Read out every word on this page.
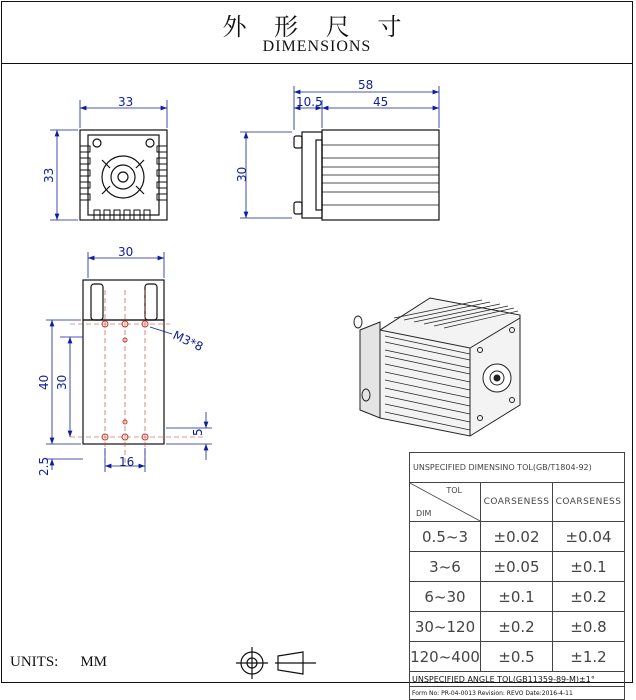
外 形 尺 寸
DIMENSIONS
33
33
58
10.5	45
30
30
40 30
5
2.5	16
M3*8
UNSPECIFIED DIMENSINO TOL(GB/T1804-92)		

TOL
DIM	COARSENESS	COARSENESS
0.5~3	±0.02	±0.04
3~6	±0.05	±0.1
6~30	±0.1	±0.2
30~120	±0.2	±0.8
120~400	±0.5	±1.2
UNSPECIFIED ANGLE TOL(GB11359-89-M)±1°		
Form No: PR-04-0013 Revision: REVO Date:2016-4-11		
UNITS: MM
